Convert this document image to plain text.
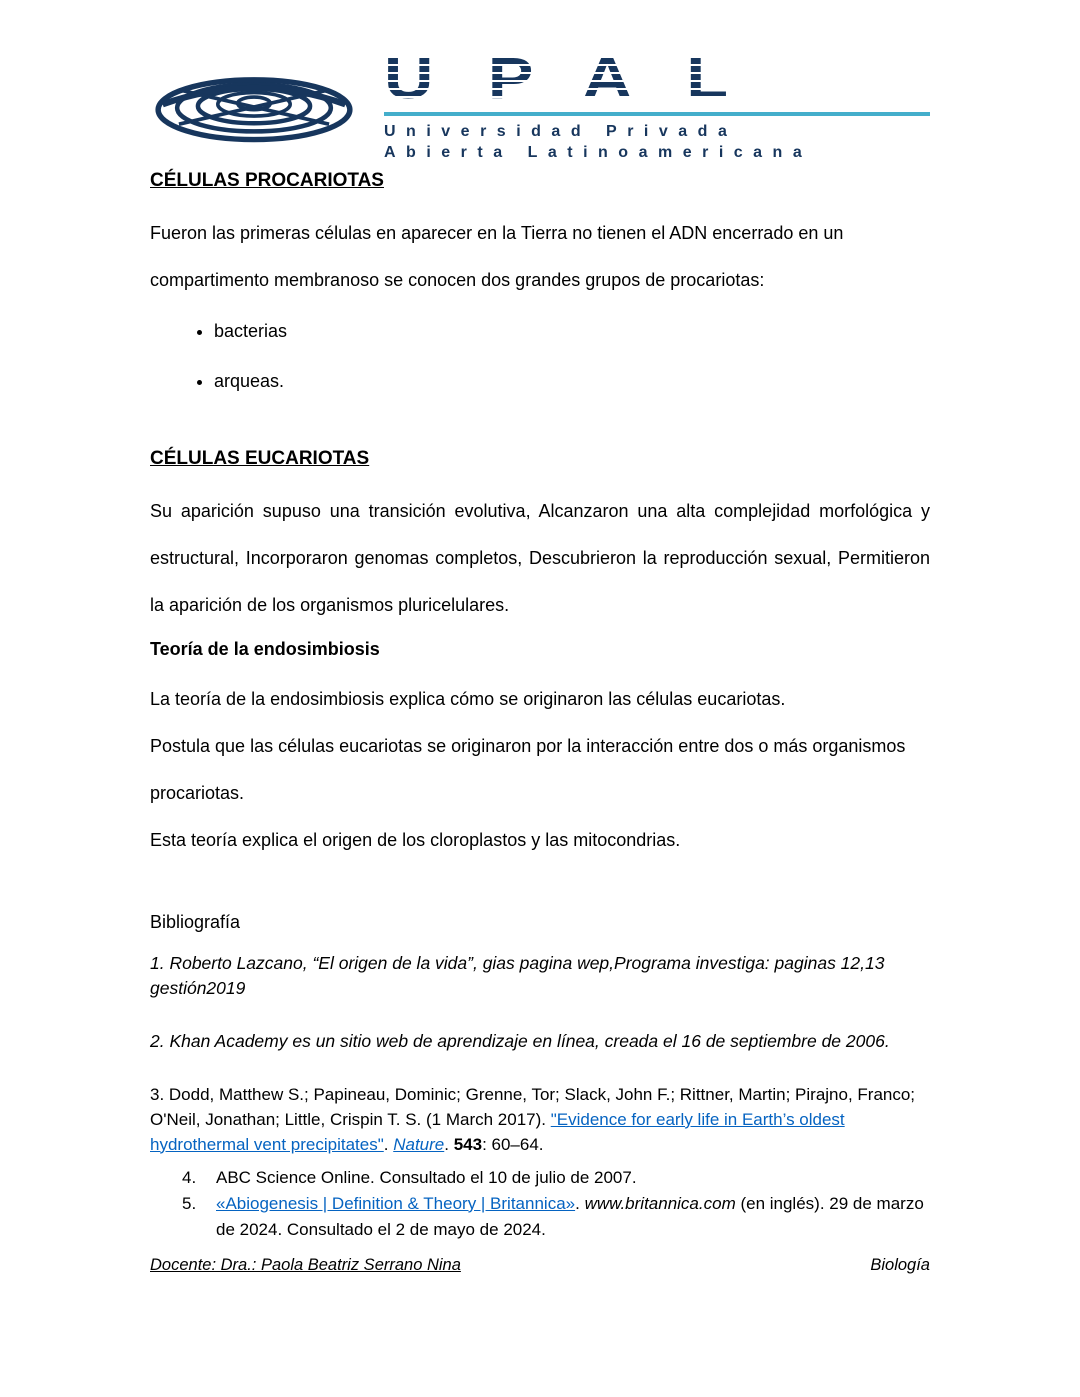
UPAL
Universidad Privada
Abierta Latinoamericana
CÉLULAS PROCARIOTAS

Fueron las primeras células en aparecer en la Tierra no tienen el ADN encerrado en un compartimento membranoso se conocen dos grandes grupos de procariotas:

• bacterias
• arqueas.
CÉLULAS EUCARIOTAS

Su aparición supuso una transición evolutiva, Alcanzaron una alta complejidad morfológica y estructural, Incorporaron genomas completos, Descubrieron la reproducción sexual, Permitieron la aparición de los organismos pluricelulares.

Teoría de la endosimbiosis

La teoría de la endosimbiosis explica cómo se originaron las células eucariotas.

Postula que las células eucariotas se originaron por la interacción entre dos o más organismos procariotas.

Esta teoría explica el origen de los cloroplastos y las mitocondrias.

Bibliografía

1. Roberto Lazcano, “El origen de la vida”, gias pagina wep,Programa investiga: paginas 12,13 gestión2019

2. Khan Academy es un sitio web de aprendizaje en línea, creada el 16 de septiembre de 2006.

3. Dodd, Matthew S.; Papineau, Dominic; Grenne, Tor; Slack, John F.; Rittner, Martin; Pirajno, Franco; O'Neil, Jonathan; Little, Crispin T. S. (1 March 2017). "Evidence for early life in Earth’s oldest hydrothermal vent precipitates". Nature. 543: 60–64.

4. ABC Science Online. Consultado el 10 de julio de 2007.
5. «Abiogenesis | Definition & Theory | Britannica». www.britannica.com (en inglés). 29 de marzo de 2024. Consultado el 2 de mayo de 2024.
Docente: Dra.: Paola Beatriz Serrano Nina	Biología
